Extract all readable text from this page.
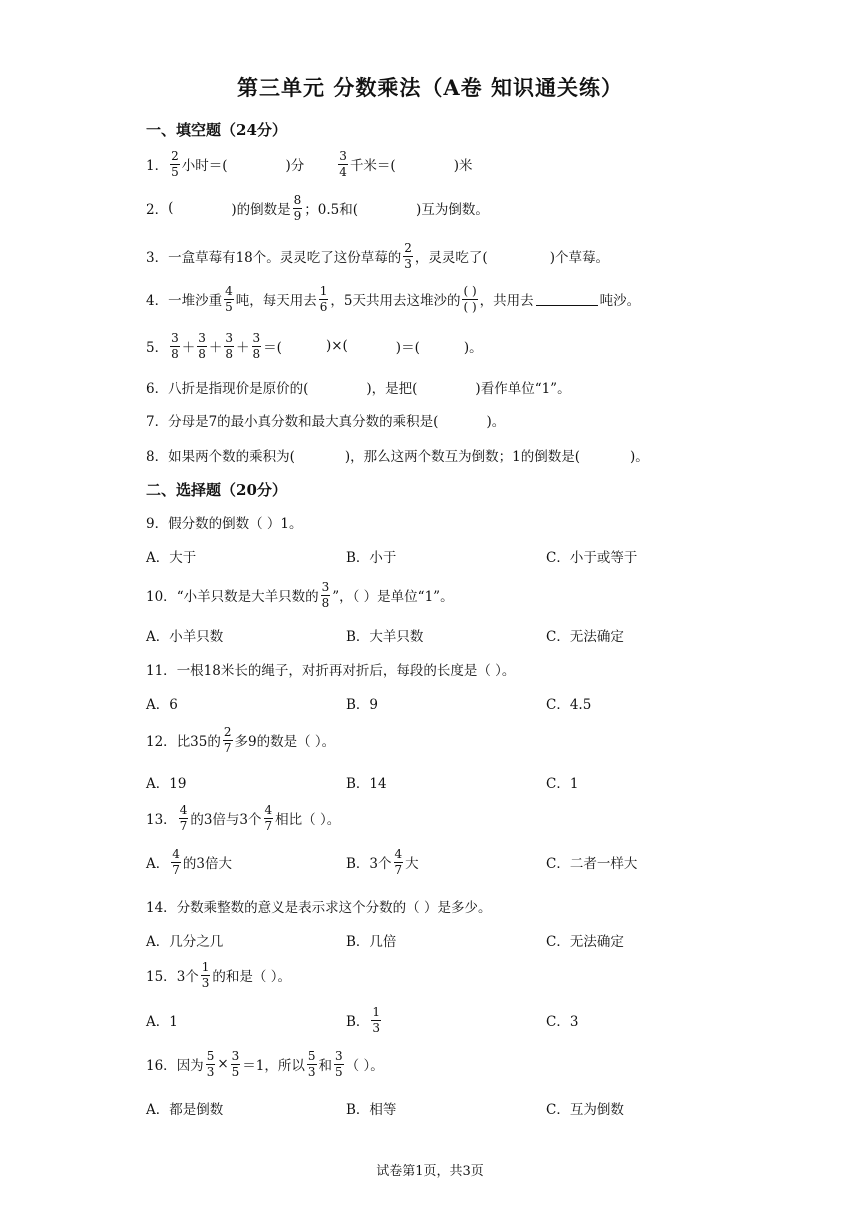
第三单元 分数乘法（A卷 知识通关练）
一、填空题（24分）
1． $\frac{2}{5}$ 小时＝(	)分	$\frac{3}{4}$ 千米＝(	)米
2． (	)的倒数是 $\frac{8}{9}$ ；0.5和(	)互为倒数。
3． 一盒草莓有18个。灵灵吃了这份草莓的 $\frac{2}{3}$ ，灵灵吃了(	)个草莓。
4． 一堆沙重 $\frac{4}{5}$ 吨，每天用去 $\frac{1}{6}$ ，5天共用去这堆沙的 $\frac{( )}{( )}$ ，共用去	吨沙。
5． $\frac{3}{8} + \frac{3}{8} + \frac{3}{8} + \frac{3}{8}$ ＝(	)×(	)＝(	)。
6． 八折是指现价是原价的(	)，是把(	)看作单位“1”。
7． 分母是7的最小真分数和最大真分数的乘积是(	)。
8． 如果两个数的乘积为(	)，那么这两个数互为倒数；1的倒数是(	)。
二、选择题（20分）
9． 假分数的倒数（ ）1。
A．大于	B．小于	C．小于或等于
10． “小羊只数是大羊只数的 $\frac{3}{8}$ ”，（ ）是单位“1”。
A．小羊只数	B．大羊只数	C．无法确定
11． 一根18米长的绳子，对折再对折后，每段的长度是（ ）。
A．6	B．9	C．4.5
12． 比35的 $\frac{2}{7}$ 多9的数是（ ）。
A．19	B．14	C．1
13． $\frac{4}{7}$ 的3倍与3个 $\frac{4}{7}$ 相比（ ）。
A． $\frac{4}{7}$ 的3倍大	B．3个 $\frac{4}{7}$ 大	C．二者一样大
14． 分数乘整数的意义是表示求这个分数的（ ）是多少。
A．几分之几	B．几倍	C．无法确定
15． 3个 $\frac{1}{3}$ 的和是（ ）。
A．1	B． $\frac{1}{3}$	C．3
16． 因为 $\frac{5}{3} \times \frac{3}{5} =1$，所以 $\frac{5}{3}$ 和 $\frac{3}{5}$ （ ）。
A．都是倒数	B．相等	C．互为倒数
试卷第1页，共3页
